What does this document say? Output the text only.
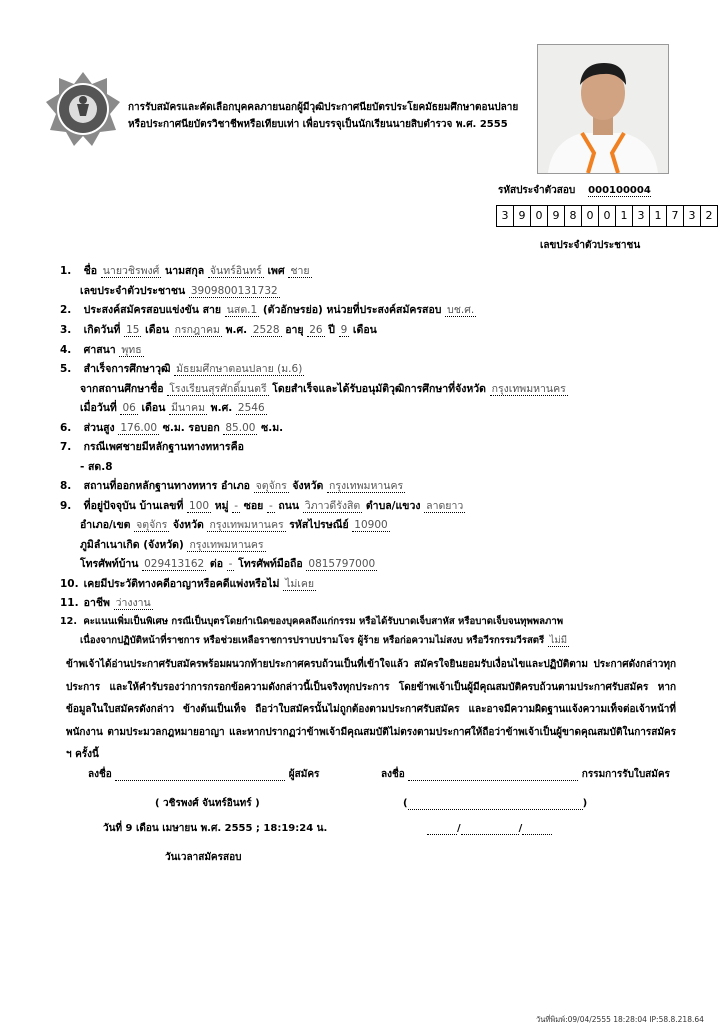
การรับสมัครและคัดเลือกบุคคลภายนอกผู้มีวุฒิประกาศนียบัตรประโยคมัธยมศึกษาตอนปลาย
หรือประกาศนียบัตรวิชาชีพหรือเทียบเท่า เพื่อบรรจุเป็นนักเรียนนายสิบตำรวจ พ.ศ. 2555
รหัสประจำตัวสอบ 000100004
3 9 0 9 8 0 0 1 3 1 7 3 2
เลขประจำตัวประชาชน
1. ชื่อ นายวชิรพงศ์ นามสกุล จันทร์อินทร์ เพศ ชาย
เลขประจำตัวประชาชน 3909800131732
2. ประสงค์สมัครสอบแข่งขัน สาย นสต.1 (ตัวอักษรย่อ) หน่วยที่ประสงค์สมัครสอบ บช.ศ.
3. เกิดวันที่ 15 เดือน กรกฎาคม พ.ศ. 2528 อายุ 26 ปี 9 เดือน
4. ศาสนา พุทธ
5. สำเร็จการศึกษาวุฒิ มัธยมศึกษาตอนปลาย (ม.6)
จากสถานศึกษาชื่อ โรงเรียนสุรศักดิ์มนตรี โดยสำเร็จและได้รับอนุมัติวุฒิการศึกษาที่จังหวัด กรุงเทพมหานคร
เมื่อวันที่ 06 เดือน มีนาคม พ.ศ. 2546
6. ส่วนสูง 176.00 ซ.ม. รอบอก 85.00 ซ.ม.
7. กรณีเพศชายมีหลักฐานทางทหารคือ
- สด.8
8. สถานที่ออกหลักฐานทางทหาร อำเภอ จตุจักร จังหวัด กรุงเทพมหานคร
9. ที่อยู่ปัจจุบัน บ้านเลขที่ 100 หมู่ - ซอย - ถนน วิภาวดีรังสิต ตำบล/แขวง ลาดยาว
อำเภอ/เขต จตุจักร จังหวัด กรุงเทพมหานคร รหัสไปรษณีย์ 10900
ภูมิลำเนาเกิด (จังหวัด) กรุงเทพมหานคร
โทรศัพท์บ้าน 029413162 ต่อ - โทรศัพท์มือถือ 0815797000
10. เคยมีประวัติทางคดีอาญาหรือคดีแพ่งหรือไม่ ไม่เคย
11. อาชีพ ว่างงาน
12. คะแนนเพิ่มเป็นพิเศษ กรณีเป็นบุตรโดยกำเนิดของบุคคลถึงแก่กรรม หรือได้รับบาดเจ็บสาหัส หรือบาดเจ็บจนทุพพลภาพ
เนื่องจากปฏิบัติหน้าที่ราชการ หรือช่วยเหลือราชการปราบปรามโจร ผู้ร้าย หรือก่อความไม่สงบ หรือวีรกรรมวีรสตรี ไม่มี
ข้าพเจ้าได้อ่านประกาศรับสมัครพร้อมผนวกท้ายประกาศครบถ้วนเป็นที่เข้าใจแล้ว สมัครใจยินยอมรับเงื่อนไขและปฏิบัติตาม ประกาศดังกล่าวทุกประการ และให้คำรับรองว่าการกรอกข้อความดังกล่าวนี้เป็นจริงทุกประการ โดยข้าพเจ้าเป็นผู้มีคุณสมบัติครบถ้วนตามประกาศรับสมัคร หากข้อมูลในใบสมัครดังกล่าว ข้างต้นเป็นเท็จ ถือว่าใบสมัครนั้นไม่ถูกต้องตามประกาศรับสมัคร และอาจมีความผิดฐานแจ้งความเท็จต่อเจ้าหน้าที่พนักงาน ตามประมวลกฎหมายอาญา และหากปรากฏว่าข้าพเจ้ามีคุณสมบัติไม่ตรงตามประกาศให้ถือว่าข้าพเจ้าเป็นผู้ขาดคุณสมบัติในการสมัคร ฯ ครั้งนี้
ลงชื่อ	ผู้สมัคร	ลงชื่อ	กรรมการรับใบสมัคร
( วชิรพงศ์ จันทร์อินทร์ )	(	)
วันที่ 9 เดือน เมษายน พ.ศ. 2555 ; 18:19:24 น.	/	/
วันเวลาสมัครสอบ
วันที่พิมพ์:09/04/2555 18:28:04 IP:58.8.218.64
